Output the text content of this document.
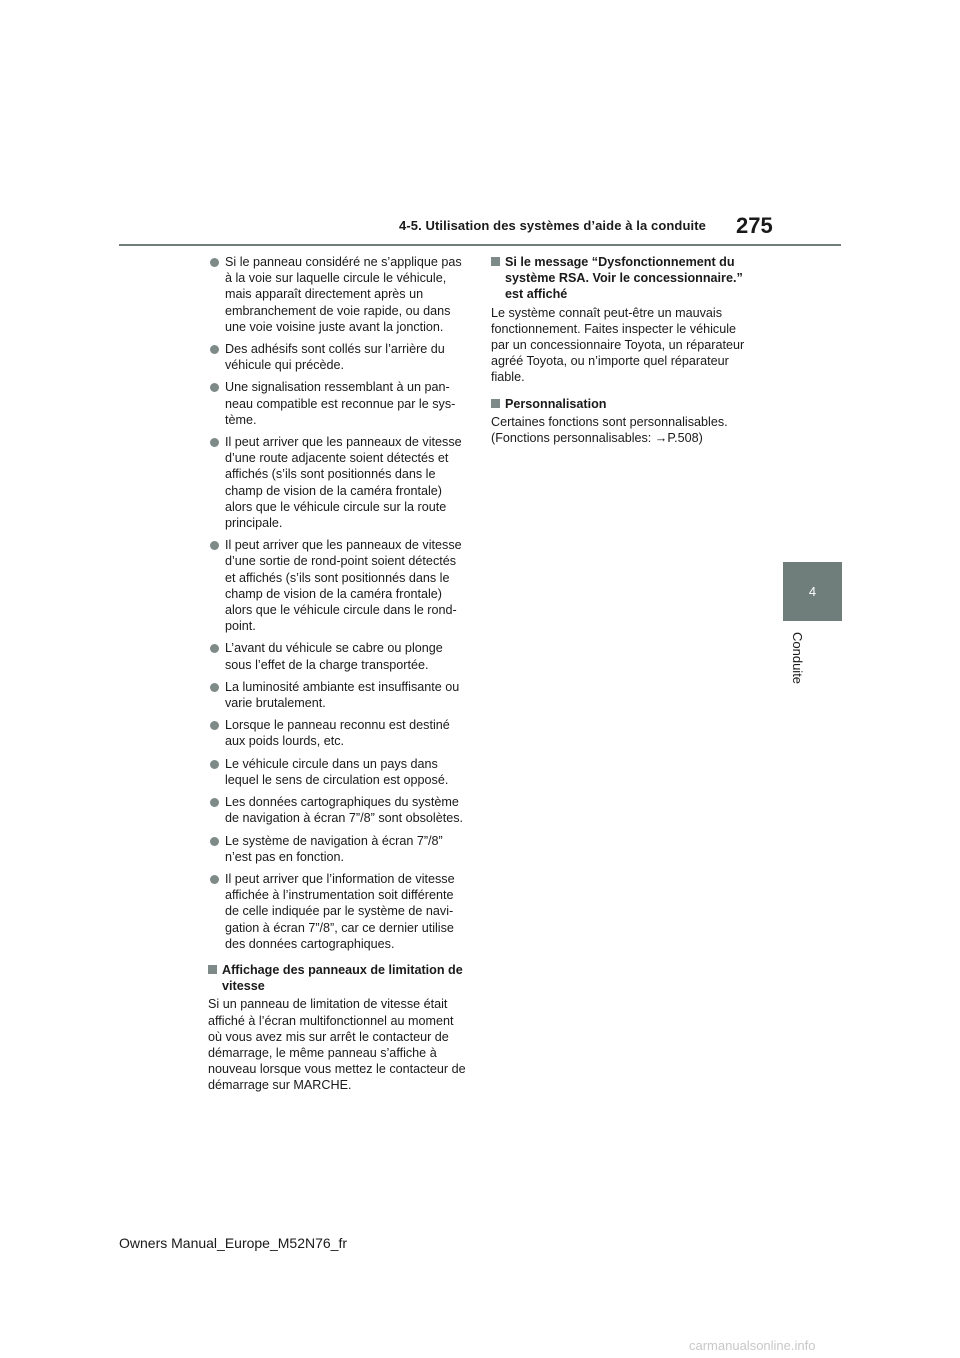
4-5. Utilisation des systèmes d’aide à la conduite 275
4
Conduite
Si le panneau considéré ne s’applique pas à la voie sur laquelle circule le véhicule, mais apparaît directement après un embranchement de voie rapide, ou dans une voie voisine juste avant la jonction.
Des adhésifs sont collés sur l’arrière du véhicule qui précède.
Une signalisation ressemblant à un pan-neau compatible est reconnue par le sys-tème.
Il peut arriver que les panneaux de vitesse d’une route adjacente soient détectés et affichés (s’ils sont positionnés dans le champ de vision de la caméra frontale) alors que le véhicule circule sur la route principale.
Il peut arriver que les panneaux de vitesse d’une sortie de rond-point soient détectés et affichés (s’ils sont positionnés dans le champ de vision de la caméra frontale) alors que le véhicule circule dans le rond-point.
L’avant du véhicule se cabre ou plonge sous l’effet de la charge transportée.
La luminosité ambiante est insuffisante ou varie brutalement.
Lorsque le panneau reconnu est destiné aux poids lourds, etc.
Le véhicule circule dans un pays dans lequel le sens de circulation est opposé.
Les données cartographiques du système de navigation à écran 7”/8” sont obsolètes.
Le système de navigation à écran 7”/8” n’est pas en fonction.
Il peut arriver que l’information de vitesse affichée à l’instrumentation soit différente de celle indiquée par le système de navi-gation à écran 7”/8”, car ce dernier utilise des données cartographiques.
Affichage des panneaux de limitation de vitesse

Si un panneau de limitation de vitesse était affiché à l’écran multifonctionnel au moment où vous avez mis sur arrêt le contacteur de démarrage, le même panneau s’affiche à nouveau lorsque vous mettez le contacteur de démarrage sur MARCHE.

Si le message “Dysfonctionnement du système RSA. Voir le concessionnaire.” est affiché

Le système connaît peut-être un mauvais fonctionnement. Faites inspecter le véhicule par un concessionnaire Toyota, un réparateur agréé Toyota, ou n’importe quel réparateur fiable.

Personnalisation

Certaines fonctions sont personnalisables. (Fonctions personnalisables: →P.508)

Owners Manual_Europe_M52N76_fr
carmanualsonline.info
